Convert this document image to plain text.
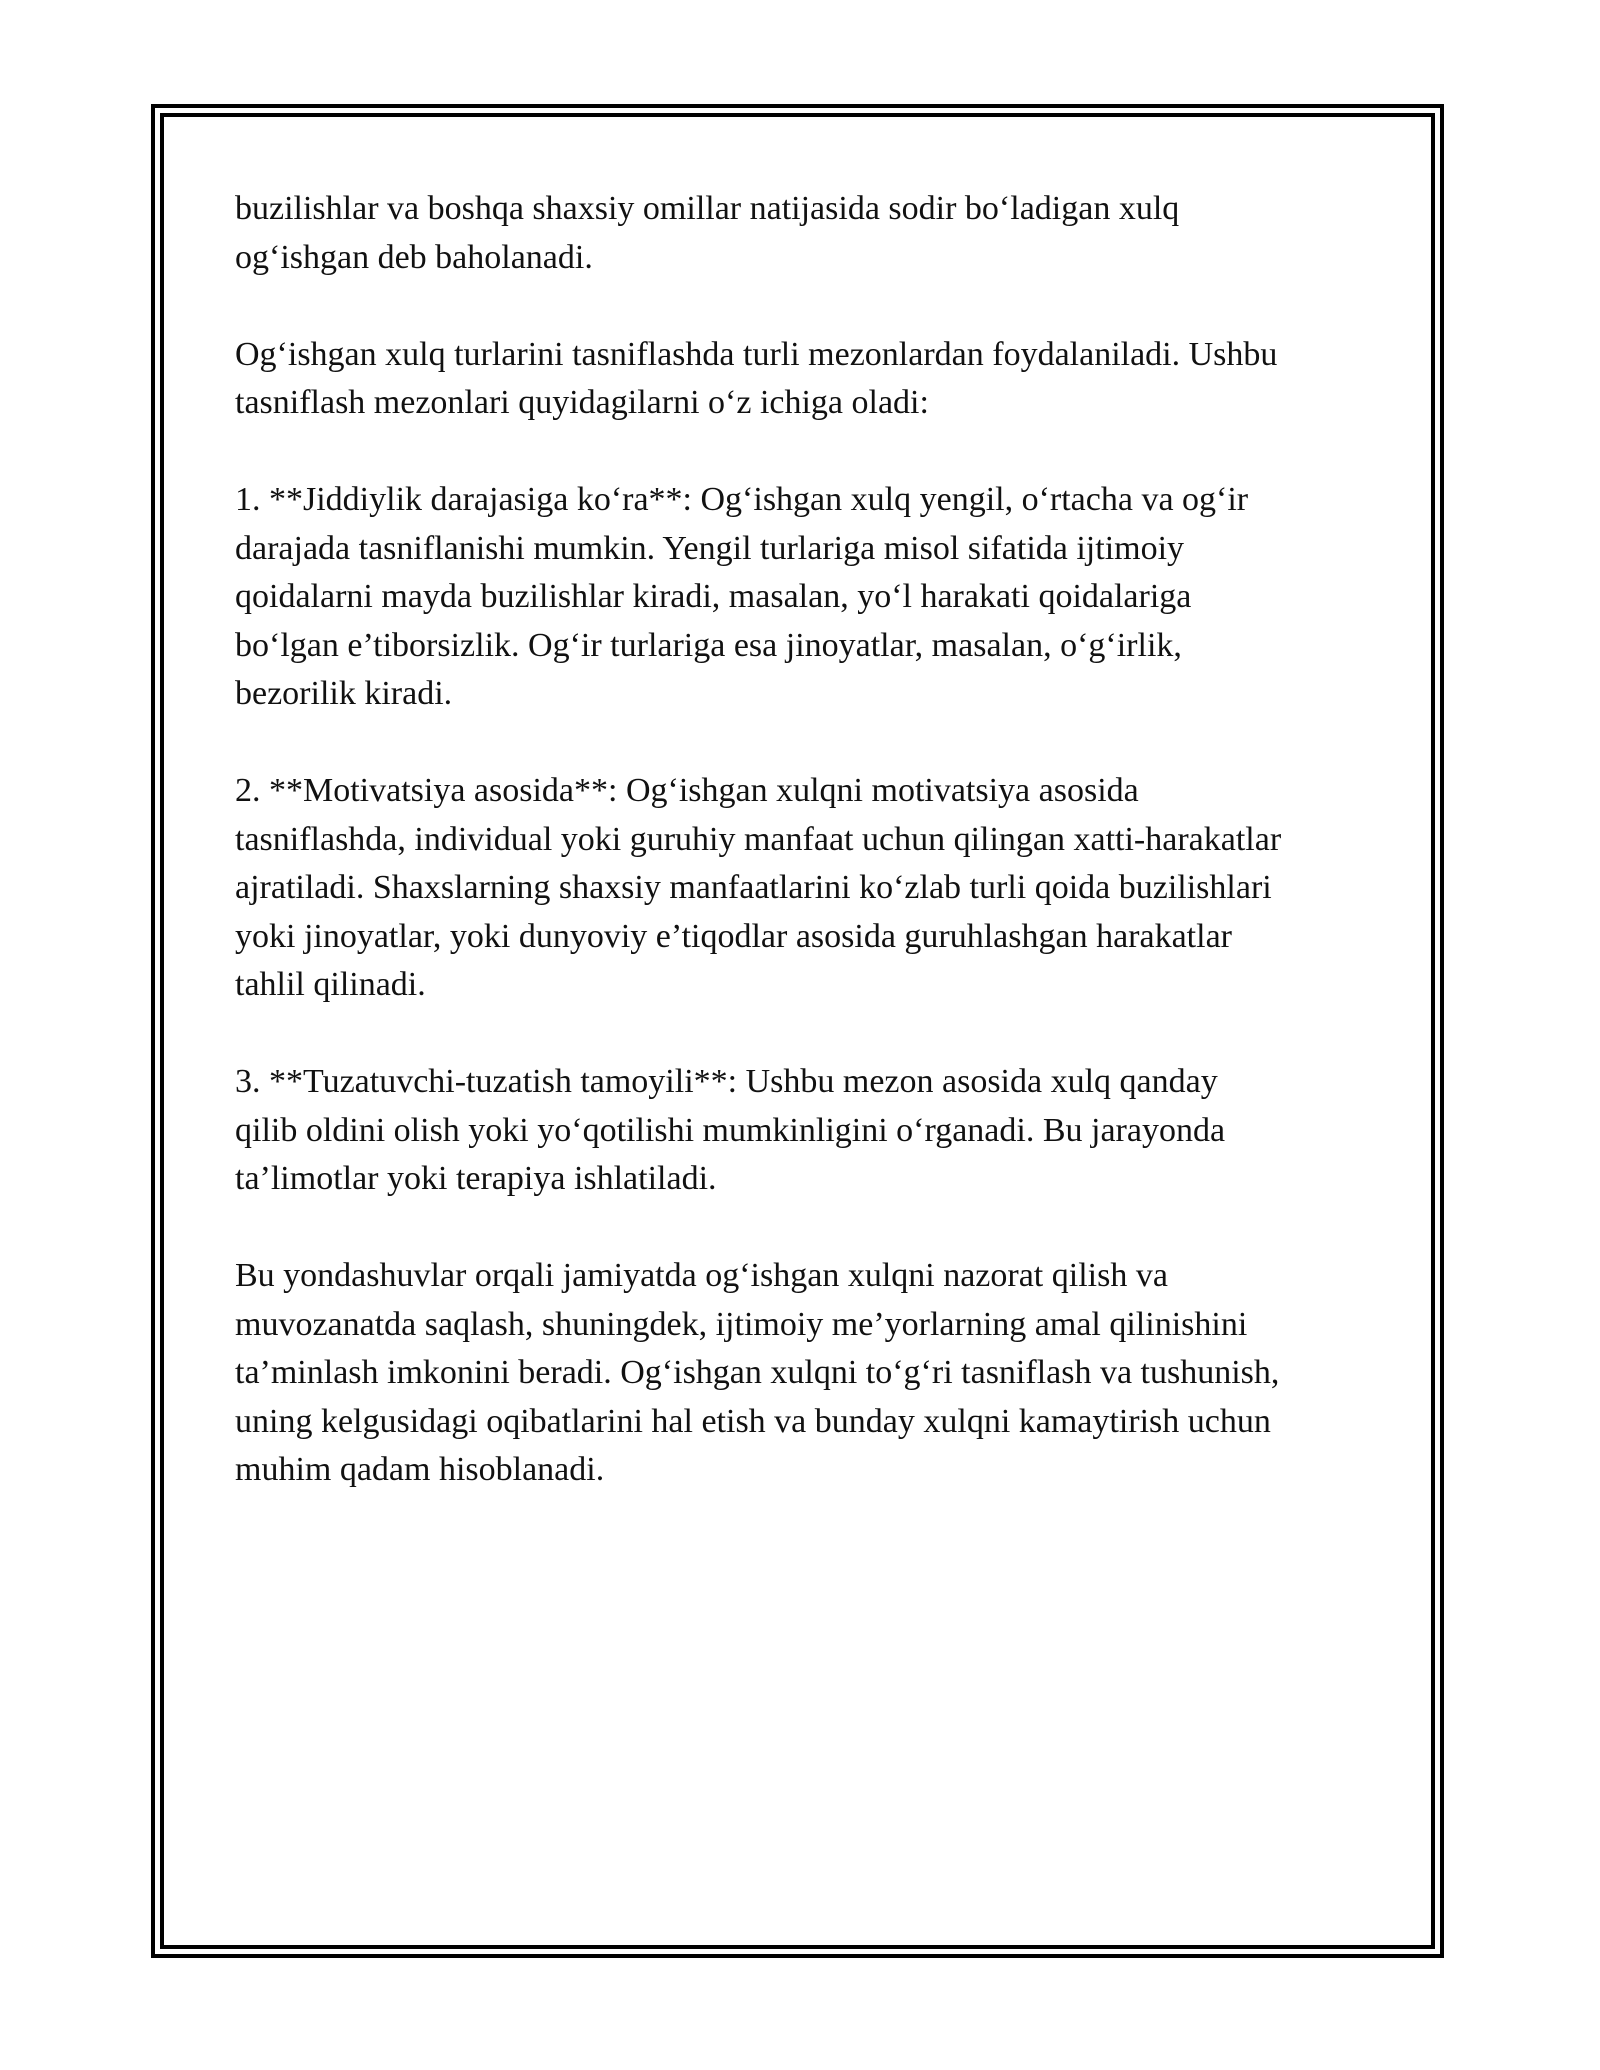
buzilishlar va boshqa shaxsiy omillar natijasida sodir bo‘ladigan xulq
og‘ishgan deb baholanadi.

Og‘ishgan xulq turlarini tasniflashda turli mezonlardan foydalaniladi. Ushbu
tasniflash mezonlari quyidagilarni o‘z ichiga oladi:

1. **Jiddiylik darajasiga ko‘ra**: Og‘ishgan xulq yengil, o‘rtacha va og‘ir
darajada tasniflanishi mumkin. Yengil turlariga misol sifatida ijtimoiy
qoidalarni mayda buzilishlar kiradi, masalan, yo‘l harakati qoidalariga
bo‘lgan e’tiborsizlik. Og‘ir turlariga esa jinoyatlar, masalan, o‘g‘irlik,
bezorilik kiradi.

2. **Motivatsiya asosida**: Og‘ishgan xulqni motivatsiya asosida
tasniflashda, individual yoki guruhiy manfaat uchun qilingan xatti-harakatlar
ajratiladi. Shaxslarning shaxsiy manfaatlarini ko‘zlab turli qoida buzilishlari
yoki jinoyatlar, yoki dunyoviy e’tiqodlar asosida guruhlashgan harakatlar
tahlil qilinadi.

3. **Tuzatuvchi-tuzatish tamoyili**: Ushbu mezon asosida xulq qanday
qilib oldini olish yoki yo‘qotilishi mumkinligini o‘rganadi. Bu jarayonda
ta’limotlar yoki terapiya ishlatiladi.

Bu yondashuvlar orqali jamiyatda og‘ishgan xulqni nazorat qilish va
muvozanatda saqlash, shuningdek, ijtimoiy me’yorlarning amal qilinishini
ta’minlash imkonini beradi. Og‘ishgan xulqni to‘g‘ri tasniflash va tushunish,
uning kelgusidagi oqibatlarini hal etish va bunday xulqni kamaytirish uchun
muhim qadam hisoblanadi.
